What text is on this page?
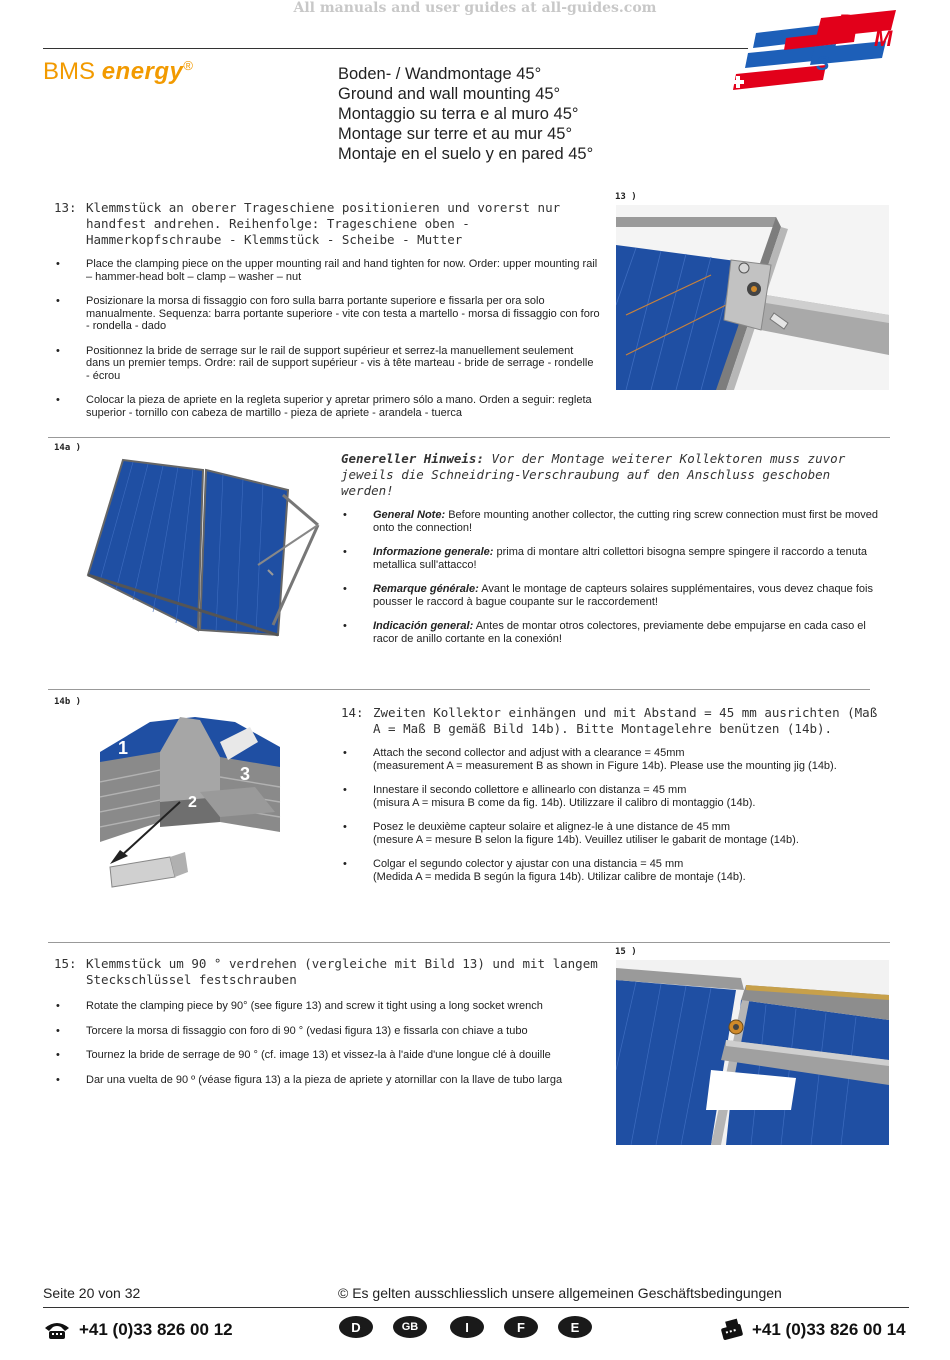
All manuals and user guides at all-guides.com
BMS energy®
B
M
S
Boden- / Wandmontage 45°
Ground and wall mounting 45°
Montaggio su terra e al muro 45°
Montage sur terre et au mur 45°
Montaje en el suelo y en pared 45°
13: Klemmstück an oberer Trageschiene positionieren und vorerst nur handfest andrehen. Reihenfolge: Trageschiene oben - Hammerkopfschraube - Klemmstück - Scheibe - Mutter
• Place the clamping piece on the upper mounting rail and hand tighten for now. Order: upper mounting rail – hammer-head bolt – clamp – washer – nut
• Posizionare la morsa di fissaggio con foro sulla barra portante superiore e fissarla per ora solo manualmente. Sequenza: barra portante superiore - vite con testa a martello - morsa di fissaggio con foro - rondella - dado
• Positionnez la bride de serrage sur le rail de support supérieur et serrez-la manuellement seulement dans un premier temps. Ordre: rail de support supérieur - vis à tête marteau - bride de serrage - rondelle - écrou
• Colocar la pieza de apriete en la regleta superior y apretar primero sólo a mano. Orden a seguir: regleta superior - tornillo con cabeza de martillo - pieza de apriete - arandela - tuerca
13 )
14a )
Genereller Hinweis: Vor der Montage weiterer Kollektoren muss zuvor jeweils die Schneidring-Verschraubung auf den Anschluss geschoben werden!
• General Note: Before mounting another collector, the cutting ring screw connection must first be moved onto the connection!
• Informazione generale: prima di montare altri collettori bisogna sempre spingere il raccordo a tenuta metallica sull'attacco!
• Remarque générale: Avant le montage de capteurs solaires supplémentaires, vous devez chaque fois pousser le raccord à bague coupante sur le raccordement!
• Indicación general: Antes de montar otros colectores, previamente debe empujarse en cada caso el racor de anillo cortante en la conexión!
14b )
1
2
3
14: Zweiten Kollektor einhängen und mit Abstand = 45 mm ausrichten (Maß A = Maß B gemäß Bild 14b). Bitte Montagelehre benützen (14b).
• Attach the second collector and adjust with a clearance = 45mm
(measurement A = measurement B as shown in Figure 14b). Please use the mounting jig (14b).
• Innestare il secondo collettore e allinearlo con distanza = 45 mm
(misura A = misura B come da fig. 14b). Utilizzare il calibro di montaggio (14b).
• Posez le deuxième capteur solaire et alignez-le à une distance de 45 mm
(mesure A = mesure B selon la figure 14b). Veuillez utiliser le gabarit de montage (14b).
• Colgar el segundo colector y ajustar con una distancia = 45 mm
(Medida A = medida B según la figura 14b). Utilizar calibre de montaje (14b).
15: Klemmstück um 90 ° verdrehen (vergleiche mit Bild 13) und mit langem Steckschlüssel festschrauben
• Rotate the clamping piece by 90° (see figure 13) and screw it tight using a long socket wrench
• Torcere la morsa di fissaggio con foro di 90 ° (vedasi figura 13) e fissarla con chiave a tubo
• Tournez la bride de serrage de 90 ° (cf. image 13) et vissez-la à l'aide d'une longue clé à douille
• Dar una vuelta de 90 º (véase figura 13) a la pieza de apriete y atornillar con la llave de tubo larga
15 )
Seite 20 von 32	© Es gelten ausschliesslich unsere allgemeinen Geschäftsbedingungen
+41 (0)33 826 00 12	D	GB	I	F	E	+41 (0)33 826 00 14
